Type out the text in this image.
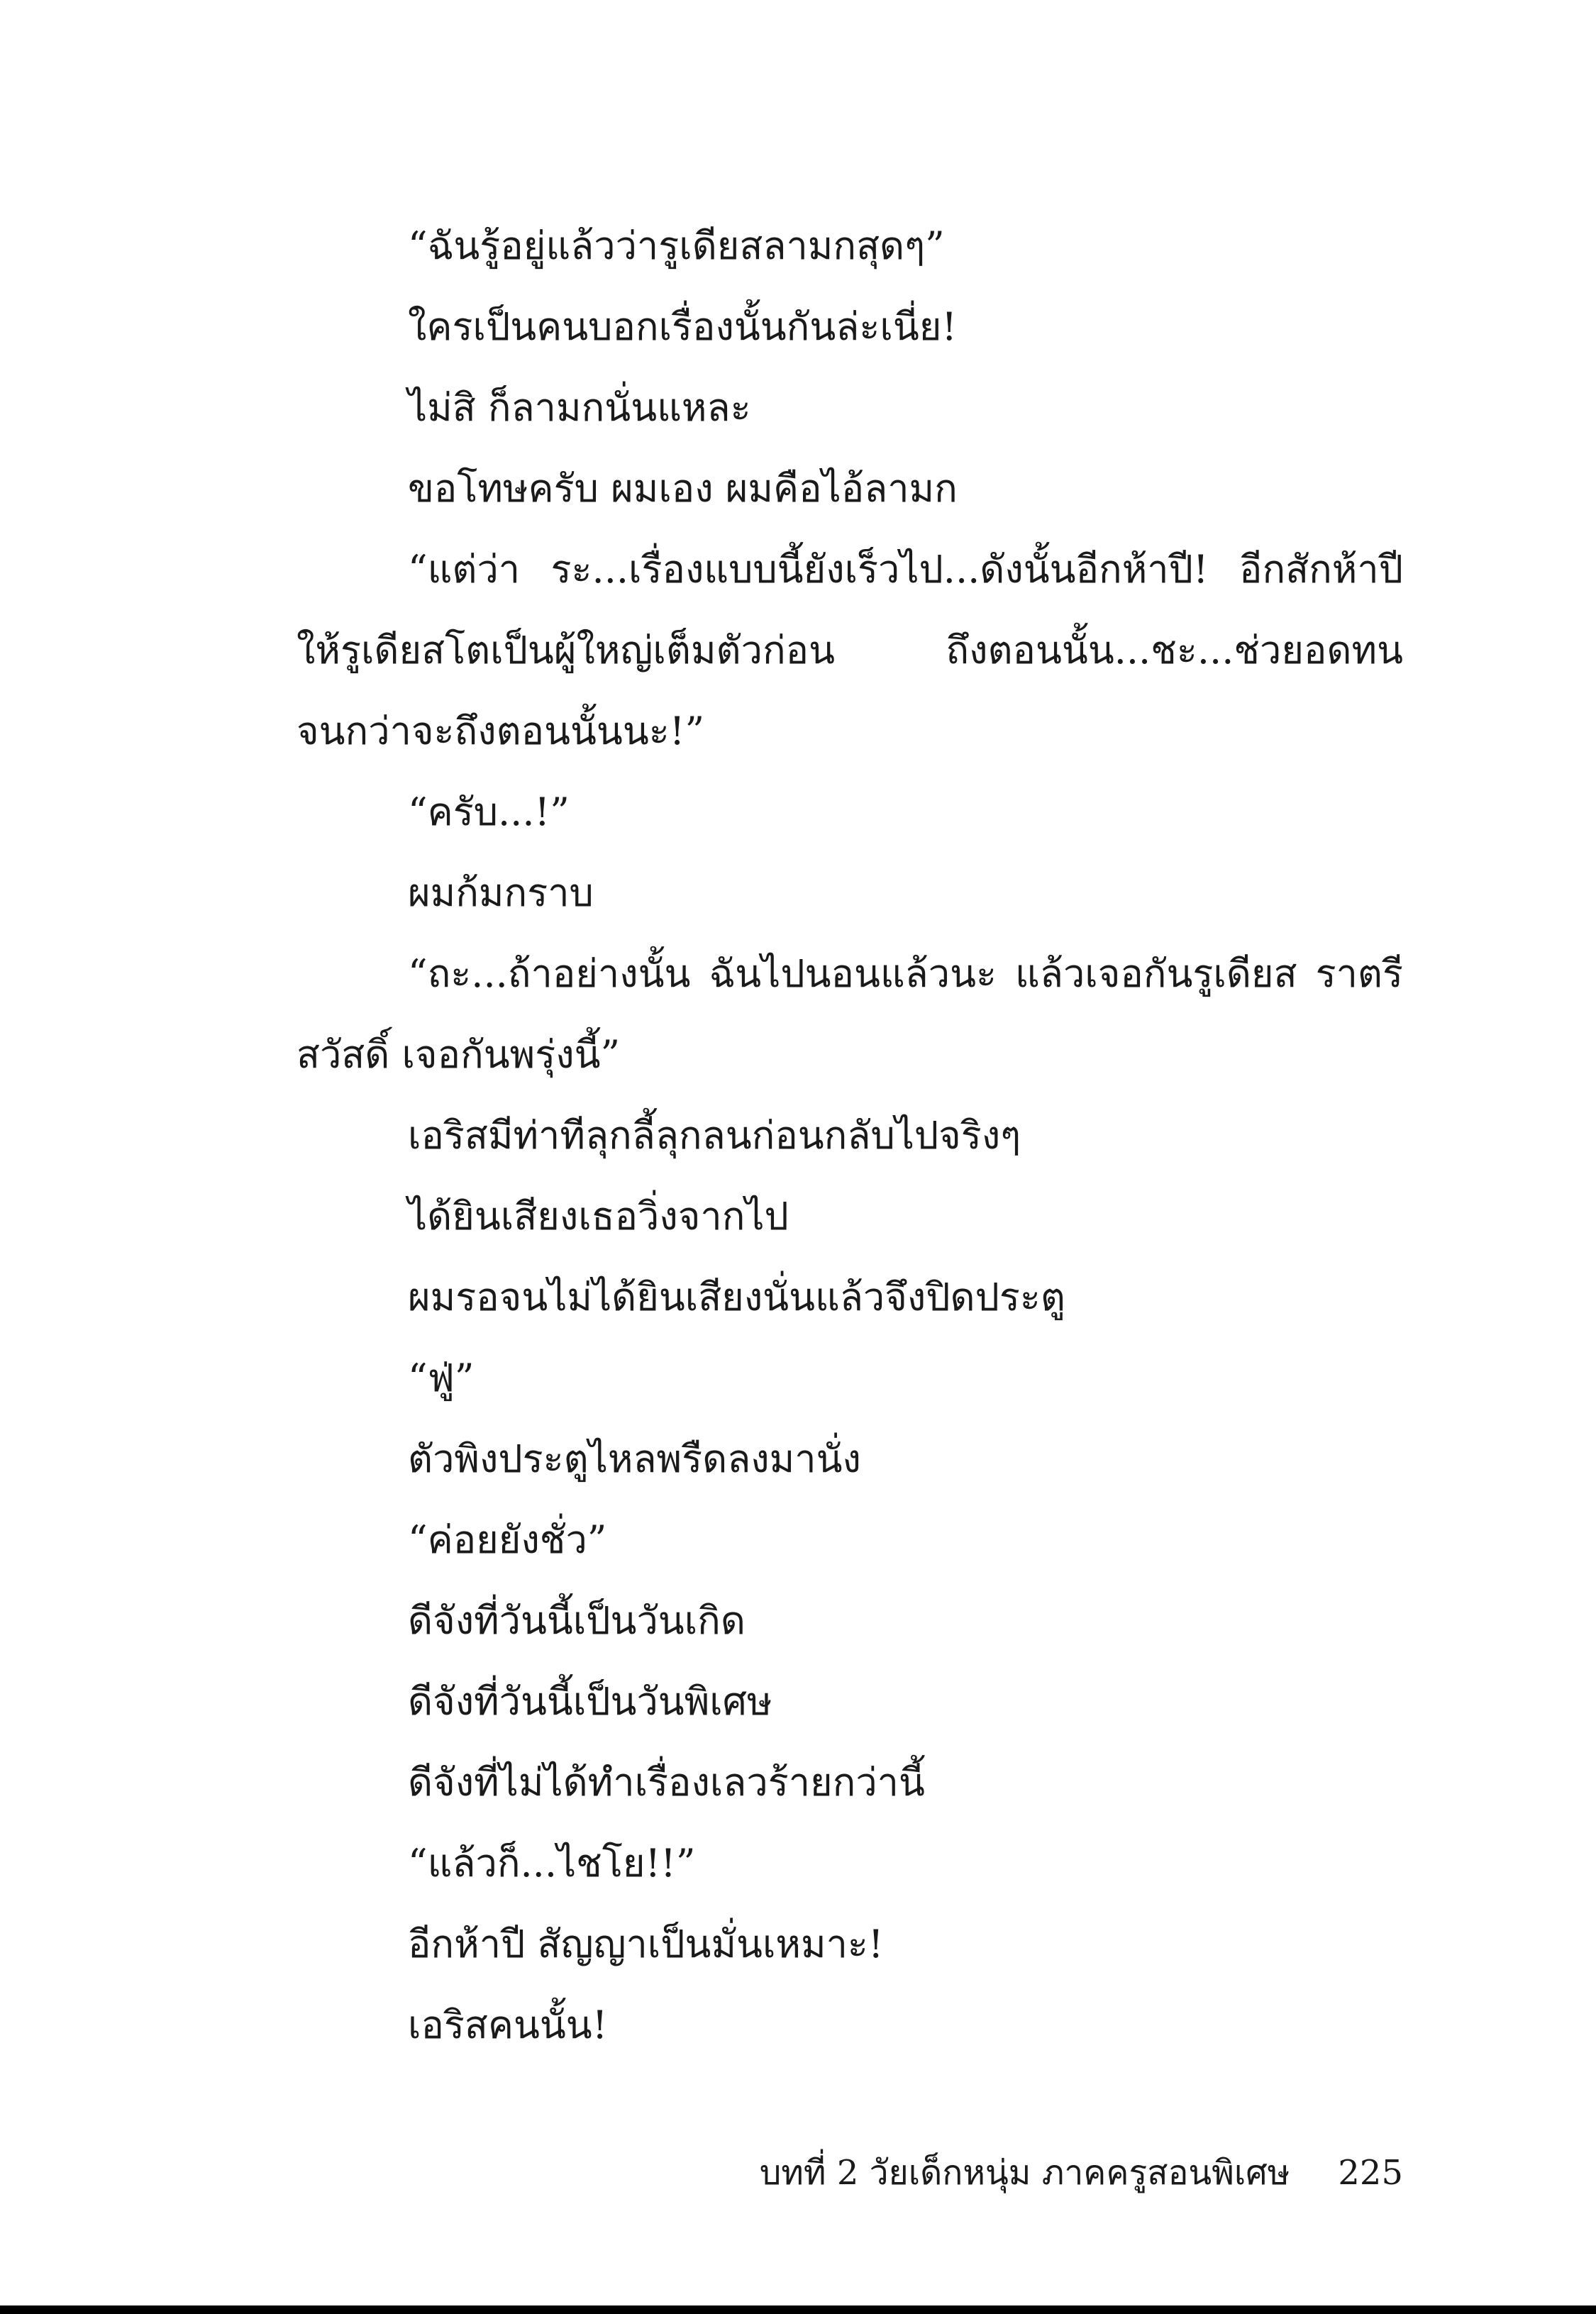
“ฉันรู้อยู่แล้วว่ารูเดียสลามกสุดๆ”

ใครเป็นคนบอกเรื่องนั้นกันล่ะเนี่ย!

ไม่สิ ก็ลามกนั่นแหละ

ขอโทษครับ ผมเอง ผมคือไอ้ลามก

“แต่ว่า ระ...เรื่องแบบนี้ยังเร็วไป...ดังนั้นอีกห้าปี! อีกสักห้าปีให้รูเดียสโตเป็นผู้ใหญ่เต็มตัวก่อน ถึงตอนนั้น...ชะ...ช่วยอดทนจนกว่าจะถึงตอนนั้นนะ!”

“ครับ...!”

ผมก้มกราบ

“ถะ...ถ้าอย่างนั้น ฉันไปนอนแล้วนะ แล้วเจอกันรูเดียส ราตรีสวัสดิ์ เจอกันพรุ่งนี้”

เอริสมีท่าทีลุกลี้ลุกลนก่อนกลับไปจริงๆ

ได้ยินเสียงเธอวิ่งจากไป

ผมรอจนไม่ได้ยินเสียงนั่นแล้วจึงปิดประตู

“ฟู่”

ตัวพิงประตูไหลพรืดลงมานั่ง

“ค่อยยังชั่ว”

ดีจังที่วันนี้เป็นวันเกิด

ดีจังที่วันนี้เป็นวันพิเศษ

ดีจังที่ไม่ได้ทำเรื่องเลวร้ายกว่านี้

“แล้วก็...ไชโย!!”

อีกห้าปี สัญญาเป็นมั่นเหมาะ!

เอริสคนนั้น!

บทที่ 2 วัยเด็กหนุ่ม ภาคครูสอนพิเศษ 225
